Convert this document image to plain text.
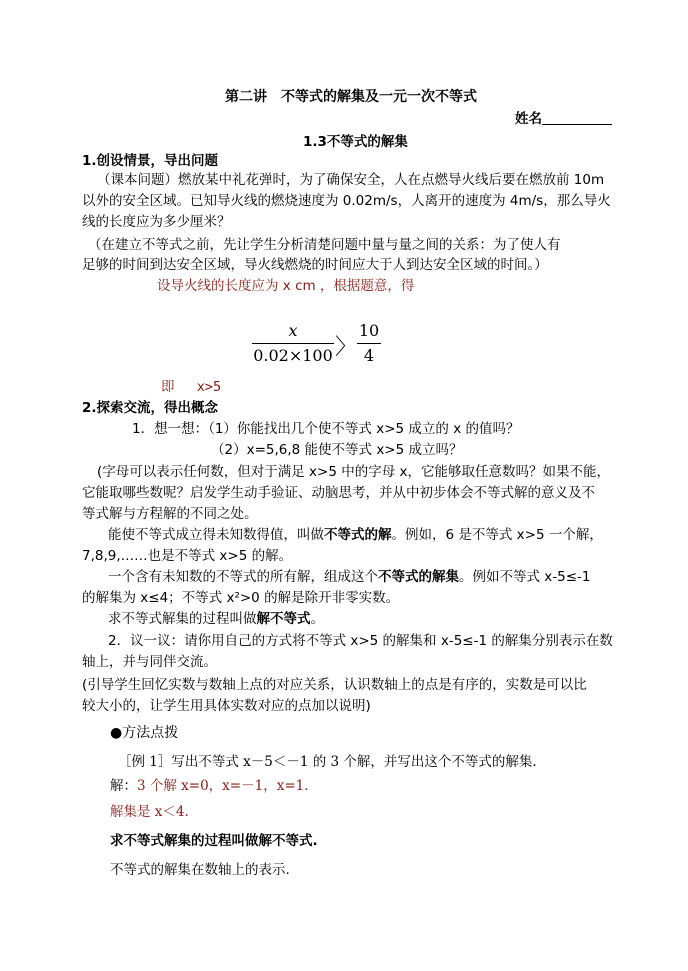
第二讲　不等式的解集及一元一次不等式
姓名
1.3不等式的解集
1.创设情景，导出问题
（课本问题）燃放某中礼花弹时，为了确保安全，人在点燃导火线后要在燃放前 10m
以外的安全区域。已知导火线的燃烧速度为 0.02m/s，人离开的速度为 4m/s，那么导火
线的长度应为多少厘米？
（在建立不等式之前，先让学生分析清楚问题中量与量之间的关系：为了使人有
足够的时间到达安全区域，导火线燃烧的时间应大于人到达安全区域的时间。）
设导火线的长度应为 x cm ，根据题意，得
x
0.02×100 〉
10
4
即 x>5
2.探索交流，得出概念
1．想一想：（1）你能找出几个使不等式 x>5 成立的 x 的值吗？
（2）x=5,6,8 能使不等式 x>5 成立吗？
(字母可以表示任何数，但对于满足 x>5 中的字母 x，它能够取任意数吗？如果不能，
它能取哪些数呢？启发学生动手验证、动脑思考，并从中初步体会不等式解的意义及不
等式解与方程解的不同之处。
能使不等式成立得未知数得值，叫做不等式的解。例如，6 是不等式 x>5 一个解，
7,8,9,……也是不等式 x>5 的解。
一个含有未知数的不等式的所有解，组成这个不等式的解集。例如不等式 x-5≤-1
的解集为 x≤4；不等式 x²>0 的解是除开非零实数。
求不等式解集的过程叫做解不等式。
2．议一议：请你用自己的方式将不等式 x>5 的解集和 x-5≤-1 的解集分别表示在数
轴上，并与同伴交流。
(引导学生回忆实数与数轴上点的对应关系，认识数轴上的点是有序的，实数是可以比
较大小的，让学生用具体实数对应的点加以说明)
●方法点拨
［例 1］写出不等式 x－5＜－1 的 3 个解，并写出这个不等式的解集.
解：3 个解 x=0，x=－1，x=1.
解集是 x＜4.
求不等式解集的过程叫做解不等式.
不等式的解集在数轴上的表示.
